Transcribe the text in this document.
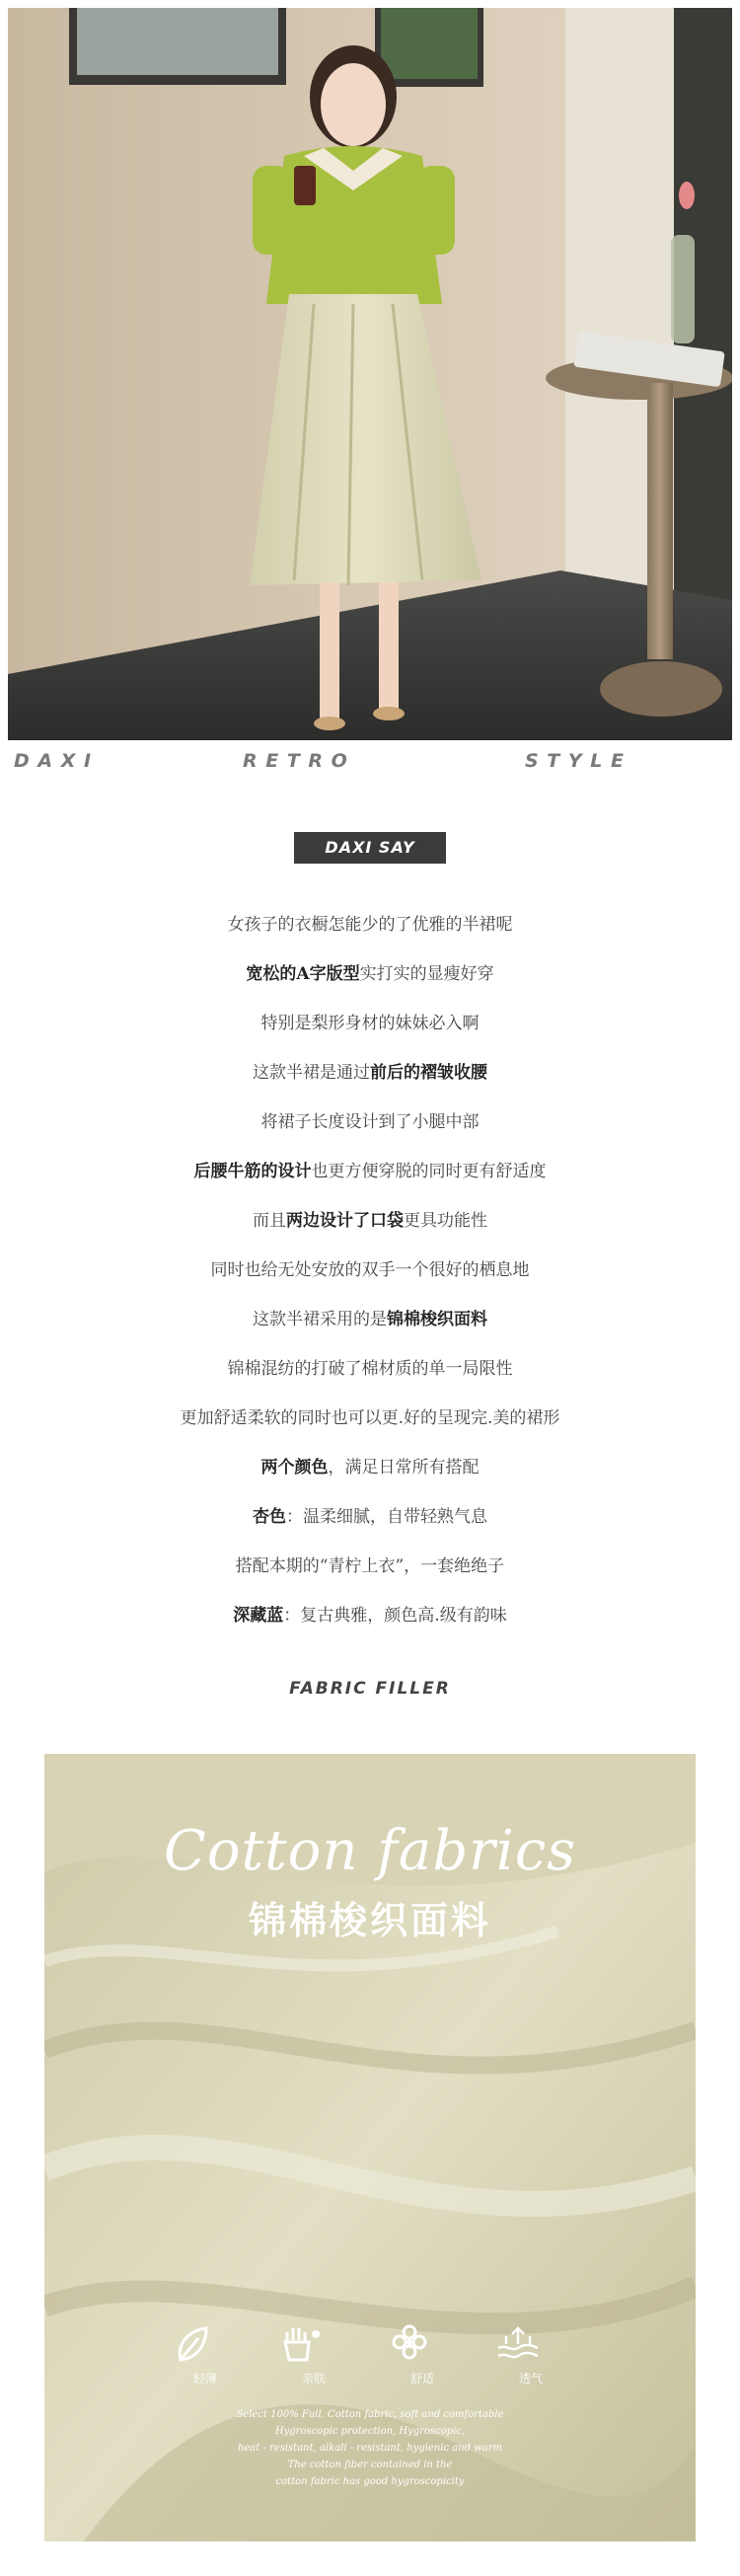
D A X I	R E T R O	S T Y L E
DAXI SAY
女孩子的衣橱怎能少的了优雅的半裙呢
宽松的A字版型实打实的显瘦好穿
特别是梨形身材的妹妹必入啊
这款半裙是通过前后的褶皱收腰
将裙子长度设计到了小腿中部
后腰牛筋的设计也更方便穿脱的同时更有舒适度
而且两边设计了口袋更具功能性
同时也给无处安放的双手一个很好的栖息地
这款半裙采用的是锦棉梭织面料
锦棉混纺的打破了棉材质的单一局限性
更加舒适柔软的同时也可以更.好的呈现完.美的裙形
两个颜色，满足日常所有搭配
杏色：温柔细腻，自带轻熟气息
搭配本期的“青柠上衣”，一套绝绝子
深藏蓝：复古典雅，颜色高.级有韵味
FABRIC FILLER
Cotton fabrics
锦棉梭织面料
轻薄	亲肤	舒适	透气

Select 100% Full. Cotton fabric, soft and comfortable

Hygroscopic protection, Hygroscopic,

heat - resistant, alkali - resistant, hygienic and warm

The cotton fiber contained in the

cotton fabric has good hygroscopicity
